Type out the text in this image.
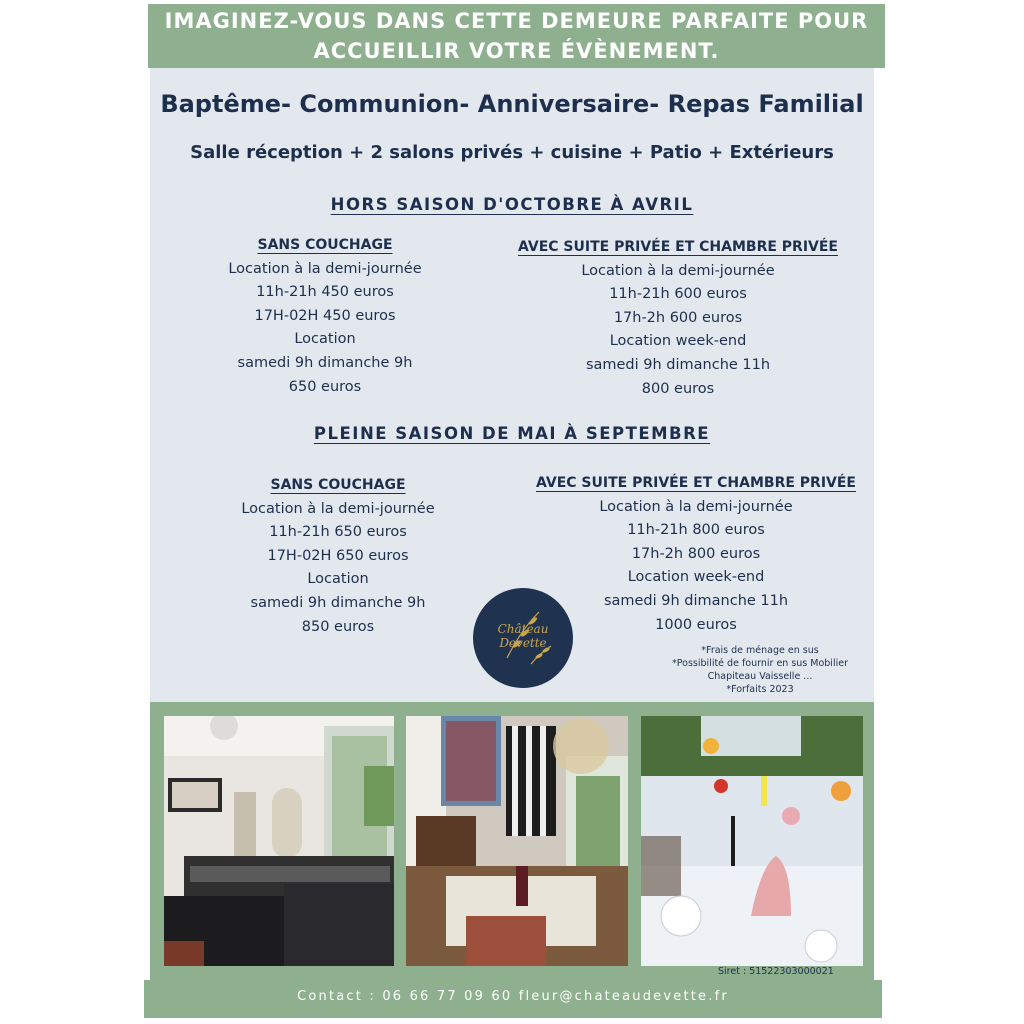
IMAGINEZ-VOUS DANS CETTE DEMEURE PARFAITE POUR
ACCUEILLIR VOTRE ÉVÈNEMENT.
Baptême- Communion- Anniversaire- Repas Familial
Salle réception + 2 salons privés + cuisine + Patio + Extérieurs
HORS SAISON D'OCTOBRE À AVRIL
SANS COUCHAGE
Location à la demi-journée
11h-21h 450 euros
17H-02H 450 euros
Location
samedi 9h dimanche 9h
650 euros
AVEC SUITE PRIVÉE ET CHAMBRE PRIVÉE
Location à la demi-journée
11h-21h 600 euros
17h-2h 600 euros
Location week-end
samedi 9h dimanche 11h
800 euros
PLEINE SAISON DE MAI À SEPTEMBRE
SANS COUCHAGE
Location à la demi-journée
11h-21h 650 euros
17H-02H 650 euros
Location
samedi 9h dimanche 9h
850 euros
AVEC SUITE PRIVÉE ET CHAMBRE PRIVÉE
Location à la demi-journée
11h-21h 800 euros
17h-2h 800 euros
Location week-end
samedi 9h dimanche 11h
1000 euros
Château Devette
*Frais de ménage en sus
*Possibilité de fournir en sus Mobilier
Chapiteau Vaisselle ...
*Forfaits 2023
Siret : 51522303000021
Contact : 06 66 77 09 60 fleur@chateaudevette.fr
